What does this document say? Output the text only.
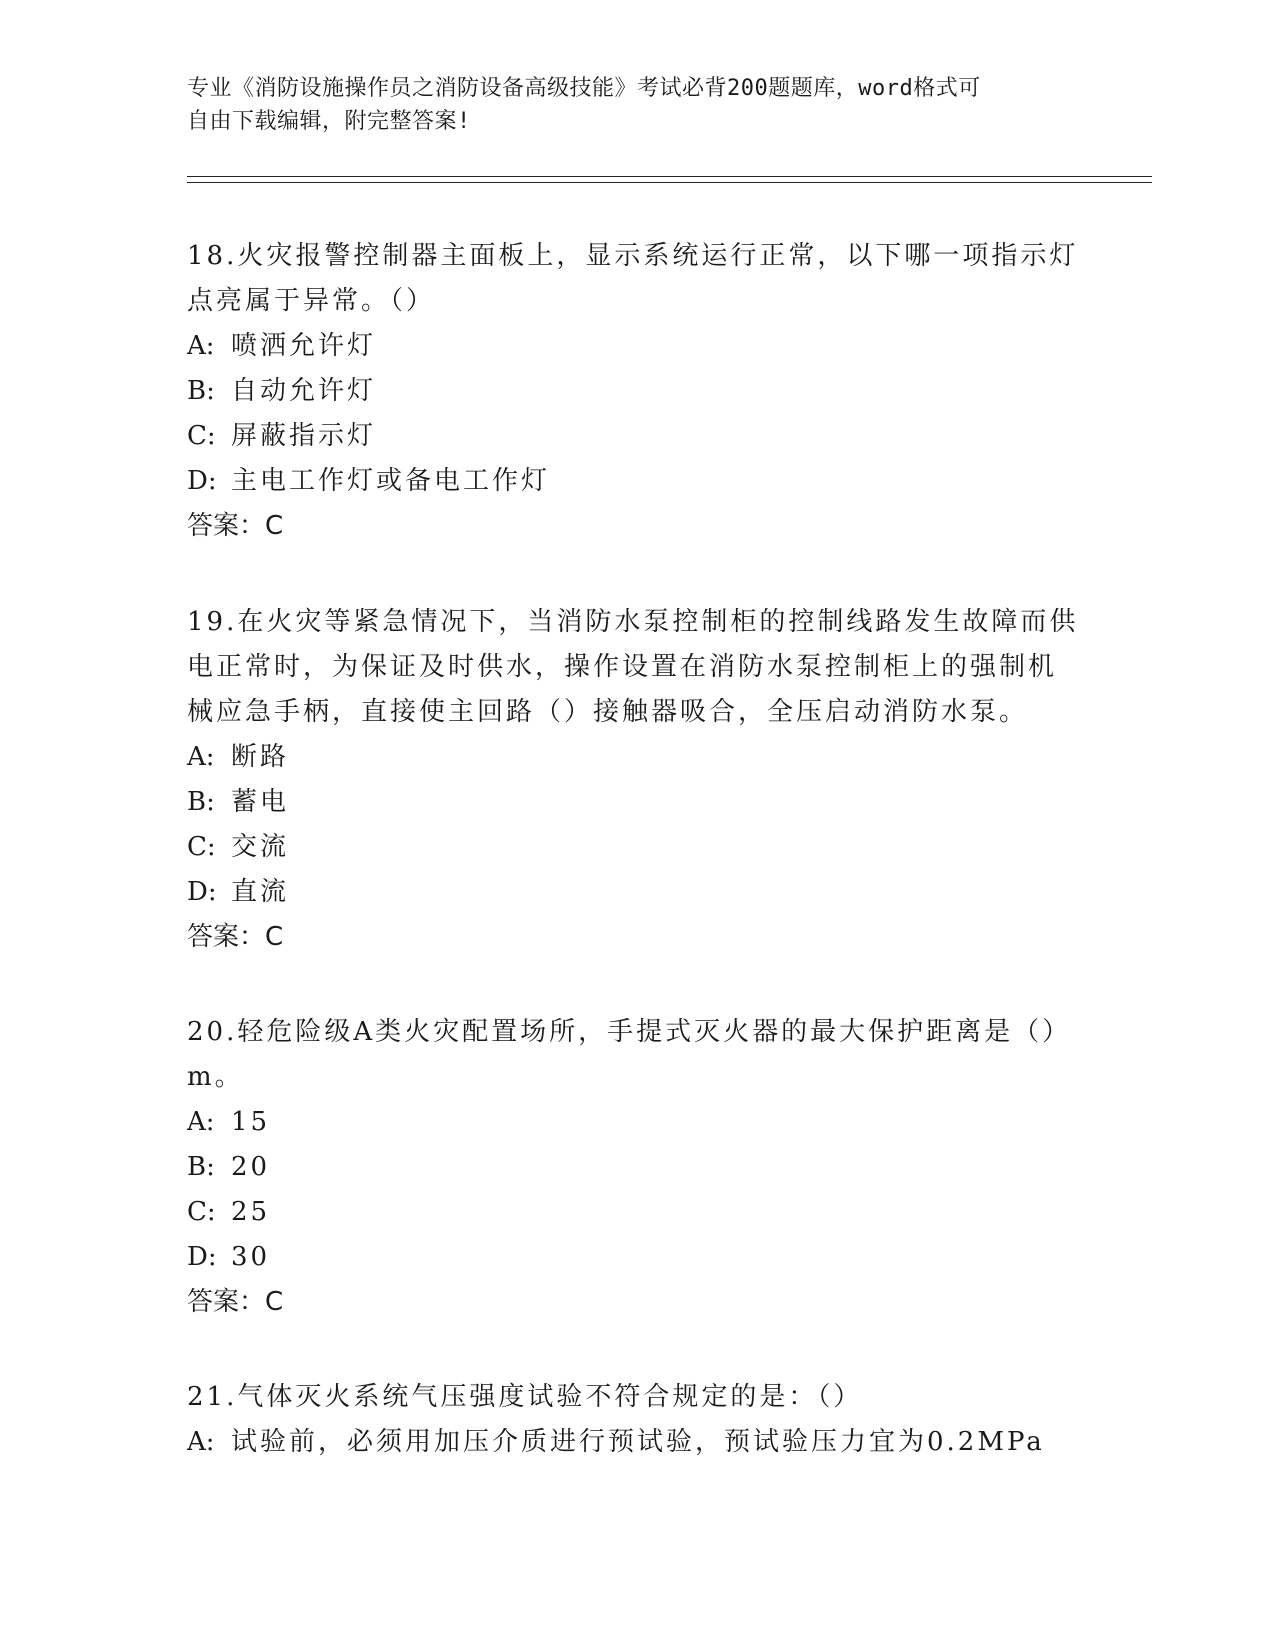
专业《消防设施操作员之消防设备高级技能》考试必背200题题库，word格式可
自由下载编辑，附完整答案!
18.火灾报警控制器主面板上，显示系统运行正常，以下哪一项指示灯
点亮属于异常。（）
A: 喷洒允许灯
B: 自动允许灯
C: 屏蔽指示灯
D: 主电工作灯或备电工作灯
答案：C
19.在火灾等紧急情况下，当消防水泵控制柜的控制线路发生故障而供
电正常时，为保证及时供水，操作设置在消防水泵控制柜上的强制机
械应急手柄，直接使主回路（）接触器吸合，全压启动消防水泵。
A: 断路
B: 蓄电
C: 交流
D: 直流
答案：C
20.轻危险级A类火灾配置场所，手提式灭火器的最大保护距离是（）
m。
A: 15
B: 20
C: 25
D: 30
答案：C
21.气体灭火系统气压强度试验不符合规定的是：（）
A: 试验前，必须用加压介质进行预试验，预试验压力宜为0.2MPa
